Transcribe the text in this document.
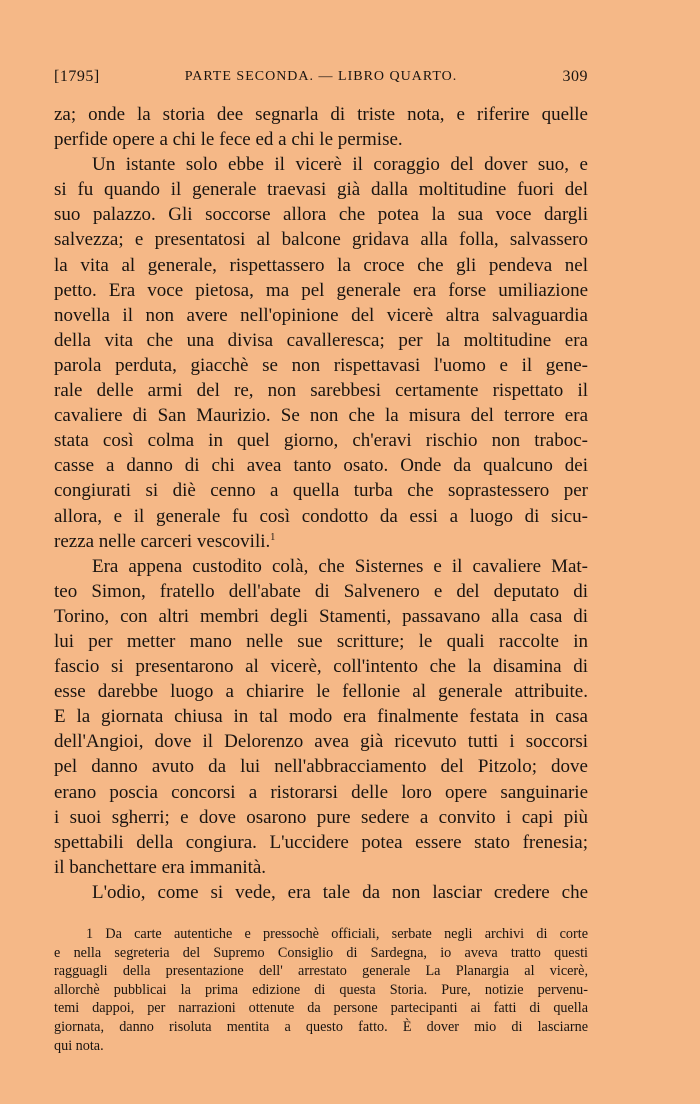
[1795]	PARTE SECONDA. — LIBRO QUARTO.	309
za; onde la storia dee segnarla di triste nota, e riferire quelle
perfide opere a chi le fece ed a chi le permise.
Un istante solo ebbe il vicerè il coraggio del dover suo, e
si fu quando il generale traevasi già dalla moltitudine fuori del
suo palazzo. Gli soccorse allora che potea la sua voce dargli
salvezza; e presentatosi al balcone gridava alla folla, salvassero
la vita al generale, rispettassero la croce che gli pendeva nel
petto. Era voce pietosa, ma pel generale era forse umiliazione
novella il non avere nell'opinione del vicerè altra salvaguardia
della vita che una divisa cavalleresca; per la moltitudine era
parola perduta, giacchè se non rispettavasi l'uomo e il gene-
rale delle armi del re, non sarebbesi certamente rispettato il
cavaliere di San Maurizio. Se non che la misura del terrore era
stata così colma in quel giorno, ch'eravi rischio non traboc-
casse a danno di chi avea tanto osato. Onde da qualcuno dei
congiurati si diè cenno a quella turba che soprastessero per
allora, e il generale fu così condotto da essi a luogo di sicu-
rezza nelle carceri vescovili.$^1$
Era appena custodito colà, che Sisternes e il cavaliere Mat-
teo Simon, fratello dell'abate di Salvenero e del deputato di
Torino, con altri membri degli Stamenti, passavano alla casa di
lui per metter mano nelle sue scritture; le quali raccolte in
fascio si presentarono al vicerè, coll'intento che la disamina di
esse darebbe luogo a chiarire le fellonie al generale attribuite.
E la giornata chiusa in tal modo era finalmente festata in casa
dell'Angioi, dove il Delorenzo avea già ricevuto tutti i soccorsi
pel danno avuto da lui nell'abbracciamento del Pitzolo; dove
erano poscia concorsi a ristorarsi delle loro opere sanguinarie
i suoi sgherri; e dove osarono pure sedere a convito i capi più
spettabili della congiura. L'uccidere potea essere stato frenesia;
il banchettare era immanità.
L'odio, come si vede, era tale da non lasciar credere che
1 Da carte autentiche e pressochè officiali, serbate negli archivi di corte
e nella segreteria del Supremo Consiglio di Sardegna, io aveva tratto questi
ragguagli della presentazione dell' arrestato generale La Planargia al vicerè,
allorchè pubblicai la prima edizione di questa Storia. Pure, notizie pervenu-
temi dappoi, per narrazioni ottenute da persone partecipanti ai fatti di quella
giornata, danno risoluta mentita a questo fatto. È dover mio di lasciarne
qui nota.
